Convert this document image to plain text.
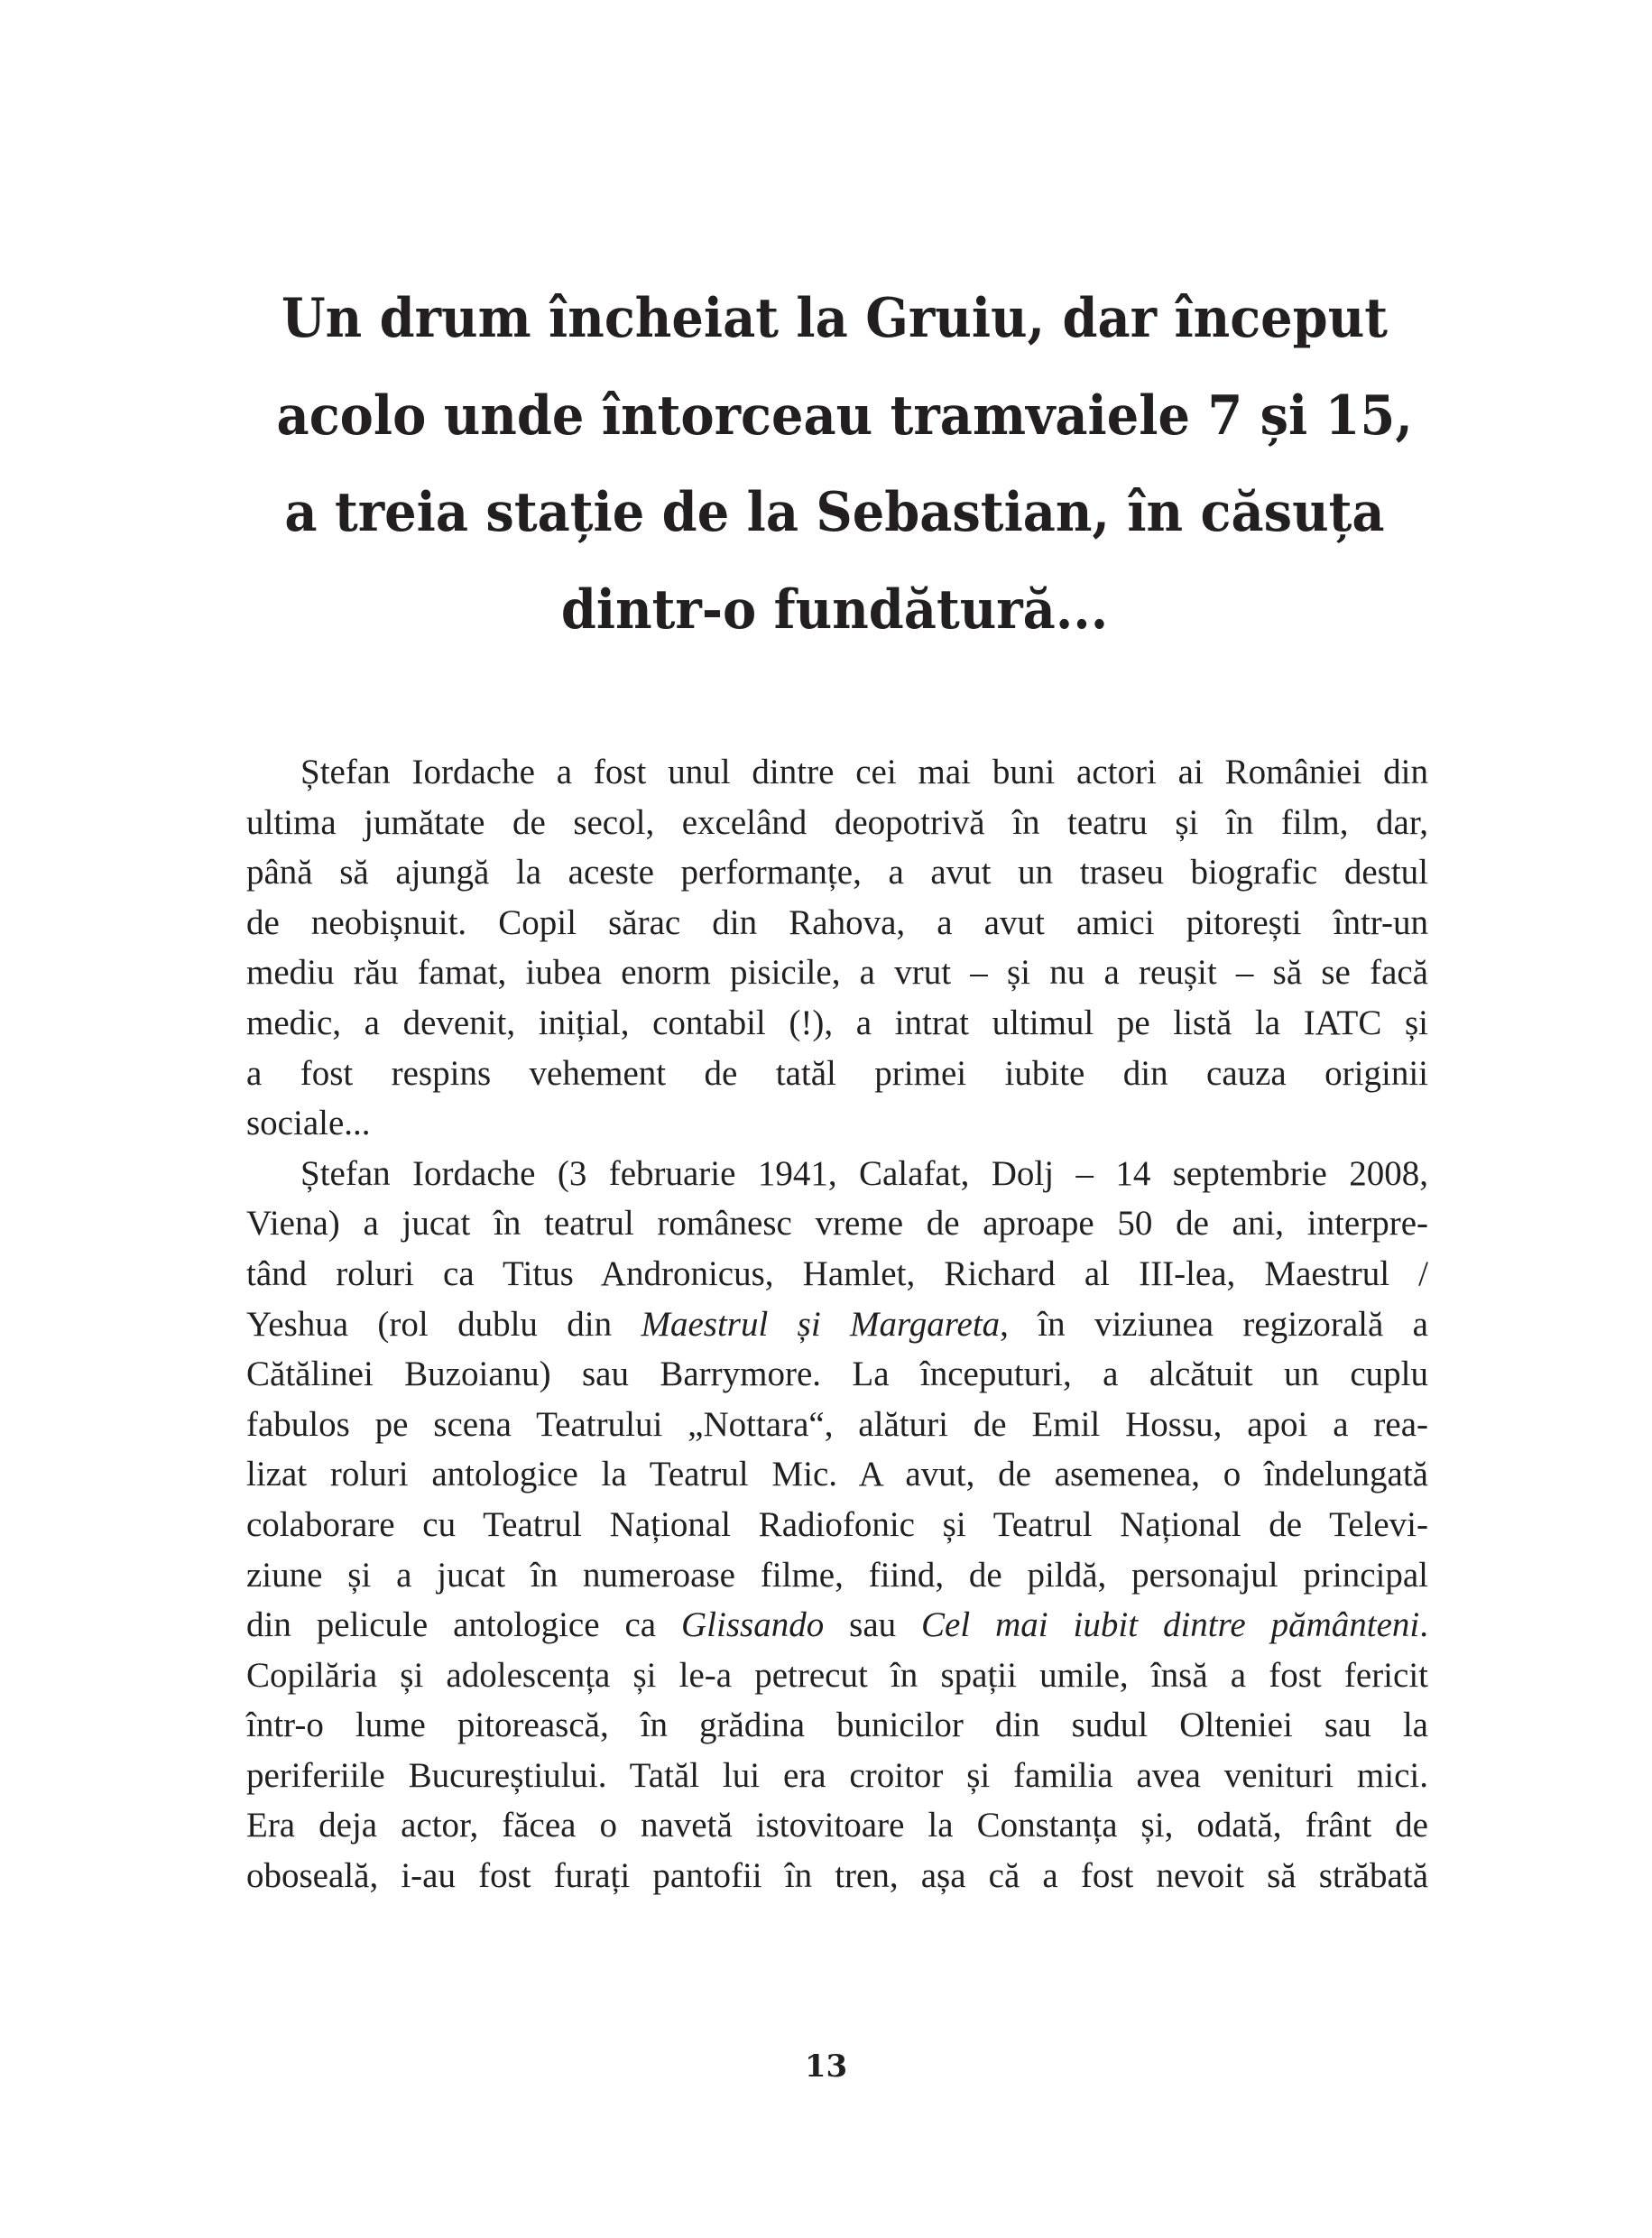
Un drum încheiat la Gruiu, dar început
acolo unde întorceau tramvaiele 7 și 15,
a treia stație de la Sebastian, în căsuța
dintr-o fundătură...
Ștefan Iordache a fost unul dintre cei mai buni actori ai României din
ultima jumătate de secol, excelând deopotrivă în teatru și în film, dar,
până să ajungă la aceste performanțe, a avut un traseu biografic destul
de neobișnuit. Copil sărac din Rahova, a avut amici pitorești într-un
mediu rău famat, iubea enorm pisicile, a vrut – și nu a reușit – să se facă
medic, a devenit, inițial, contabil (!), a intrat ultimul pe listă la IATC și
a fost respins vehement de tatăl primei iubite din cauza originii
sociale...
Ștefan Iordache (3 februarie 1941, Calafat, Dolj – 14 septembrie 2008,
Viena) a jucat în teatrul românesc vreme de aproape 50 de ani, interpre-
tând roluri ca Titus Andronicus, Hamlet, Richard al III-lea, Maestrul /
Yeshua (rol dublu din Maestrul și Margareta, în viziunea regizorală a
Cătălinei Buzoianu) sau Barrymore. La începuturi, a alcătuit un cuplu
fabulos pe scena Teatrului „Nottara“, alături de Emil Hossu, apoi a rea-
lizat roluri antologice la Teatrul Mic. A avut, de asemenea, o îndelungată
colaborare cu Teatrul Național Radiofonic și Teatrul Național de Televi-
ziune și a jucat în numeroase filme, fiind, de pildă, personajul principal
din pelicule antologice ca Glissando sau Cel mai iubit dintre pământeni.
Copilăria și adolescența și le-a petrecut în spații umile, însă a fost fericit
într-o lume pitorească, în grădina bunicilor din sudul Olteniei sau la
periferiile Bucureștiului. Tatăl lui era croitor și familia avea venituri mici.
Era deja actor, făcea o navetă istovitoare la Constanța și, odată, frânt de
oboseală, i-au fost furați pantofii în tren, așa că a fost nevoit să străbată
13
